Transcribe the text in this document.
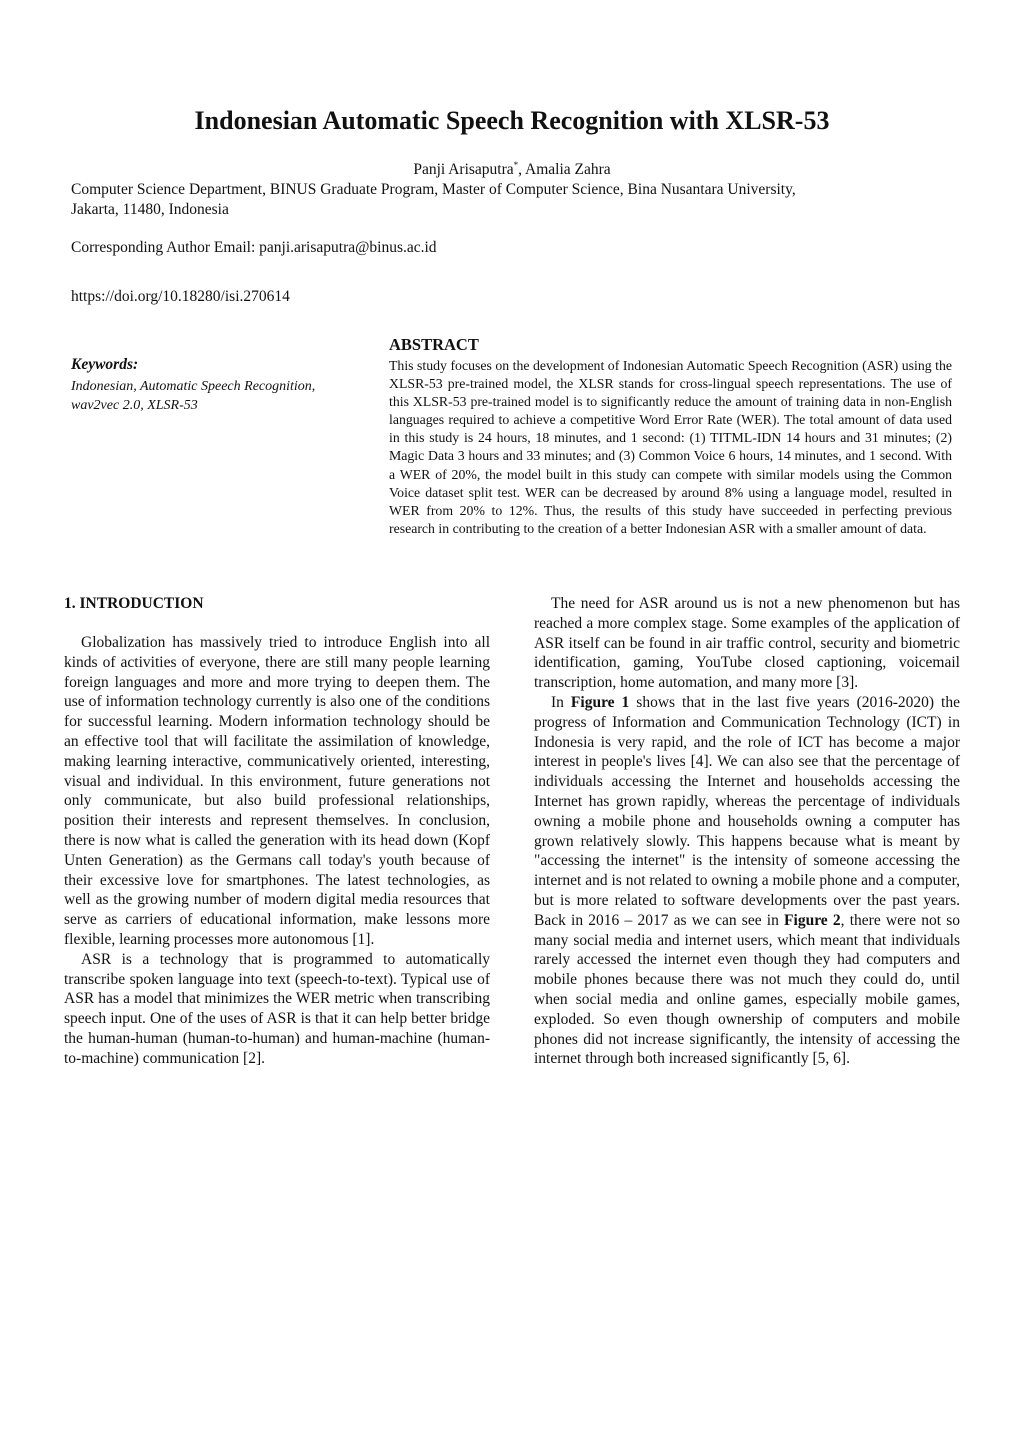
Indonesian Automatic Speech Recognition with XLSR-53
Panji Arisaputra*, Amalia Zahra
Computer Science Department, BINUS Graduate Program, Master of Computer Science, Bina Nusantara University,
Jakarta, 11480, Indonesia
Corresponding Author Email: panji.arisaputra@binus.ac.id
https://doi.org/10.18280/isi.270614
Keywords:
Indonesian, Automatic Speech Recognition, wav2vec 2.0, XLSR-53
ABSTRACT

This study focuses on the development of Indonesian Automatic Speech Recognition (ASR) using the XLSR-53 pre-trained model, the XLSR stands for cross-lingual speech representations. The use of this XLSR-53 pre-trained model is to significantly reduce the amount of training data in non-English languages required to achieve a competitive Word Error Rate (WER). The total amount of data used in this study is 24 hours, 18 minutes, and 1 second: (1) TITML-IDN 14 hours and 31 minutes; (2) Magic Data 3 hours and 33 minutes; and (3) Common Voice 6 hours, 14 minutes, and 1 second. With a WER of 20%, the model built in this study can compete with similar models using the Common Voice dataset split test. WER can be decreased by around 8% using a language model, resulted in WER from 20% to 12%. Thus, the results of this study have succeeded in perfecting previous research in contributing to the creation of a better Indonesian ASR with a smaller amount of data.

1. INTRODUCTION

Globalization has massively tried to introduce English into all kinds of activities of everyone, there are still many people learning foreign languages and more and more trying to deepen them. The use of information technology currently is also one of the conditions for successful learning. Modern information technology should be an effective tool that will facilitate the assimilation of knowledge, making learning interactive, communicatively oriented, interesting, visual and individual. In this environment, future generations not only communicate, but also build professional relationships, position their interests and represent themselves. In conclusion, there is now what is called the generation with its head down (Kopf Unten Generation) as the Germans call today's youth because of their excessive love for smartphones. The latest technologies, as well as the growing number of modern digital media resources that serve as carriers of educational information, make lessons more flexible, learning processes more autonomous [1].

ASR is a technology that is programmed to automatically transcribe spoken language into text (speech-to-text). Typical use of ASR has a model that minimizes the WER metric when transcribing speech input. One of the uses of ASR is that it can help better bridge the human-human (human-to-human) and human-machine (human-to-machine) communication [2].

The need for ASR around us is not a new phenomenon but has reached a more complex stage. Some examples of the application of ASR itself can be found in air traffic control, security and biometric identification, gaming, YouTube closed captioning, voicemail transcription, home automation, and many more [3].

In Figure 1 shows that in the last five years (2016-2020) the progress of Information and Communication Technology (ICT) in Indonesia is very rapid, and the role of ICT has become a major interest in people's lives [4]. We can also see that the percentage of individuals accessing the Internet and households accessing the Internet has grown rapidly, whereas the percentage of individuals owning a mobile phone and households owning a computer has grown relatively slowly. This happens because what is meant by "accessing the internet" is the intensity of someone accessing the internet and is not related to owning a mobile phone and a computer, but is more related to software developments over the past years. Back in 2016 – 2017 as we can see in Figure 2, there were not so many social media and internet users, which meant that individuals rarely accessed the internet even though they had computers and mobile phones because there was not much they could do, until when social media and online games, especially mobile games, exploded. So even though ownership of computers and mobile phones did not increase significantly, the intensity of accessing the internet through both increased significantly [5, 6].
